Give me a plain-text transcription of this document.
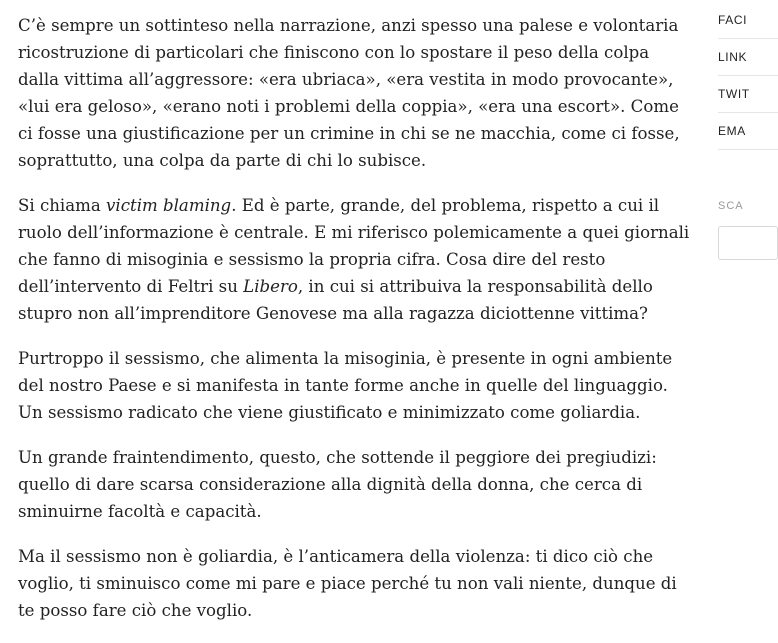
C’è sempre un sottinteso nella narrazione, anzi spesso una palese e volontaria ricostruzione di particolari che finiscono con lo spostare il peso della colpa dalla vittima all’aggressore: «era ubriaca», «era vestita in modo provocante», «lui era geloso», «erano noti i problemi della coppia», «era una escort». Come ci fosse una giustificazione per un crimine in chi se ne macchia, come ci fosse, soprattutto, una colpa da parte di chi lo subisce.

Si chiama victim blaming. Ed è parte, grande, del problema, rispetto a cui il ruolo dell’informazione è centrale. E mi riferisco polemicamente a quei giornali che fanno di misoginia e sessismo la propria cifra. Cosa dire del resto dell’intervento di Feltri su Libero, in cui si attribuiva la responsabilità dello stupro non all’imprenditore Genovese ma alla ragazza diciottenne vittima?

Purtroppo il sessismo, che alimenta la misoginia, è presente in ogni ambiente del nostro Paese e si manifesta in tante forme anche in quelle del linguaggio. Un sessismo radicato che viene giustificato e minimizzato come goliardia.

Un grande fraintendimento, questo, che sottende il peggiore dei pregiudizi: quello di dare scarsa considerazione alla dignità della donna, che cerca di sminuirne facoltà e capacità.

Ma il sessismo non è goliardia, è l’anticamera della violenza: ti dico ciò che voglio, ti sminuisco come mi pare e piace perché tu non vali niente, dunque di te posso fare ciò che voglio.

FACI
LINK
TWIT
EMA
SCA
